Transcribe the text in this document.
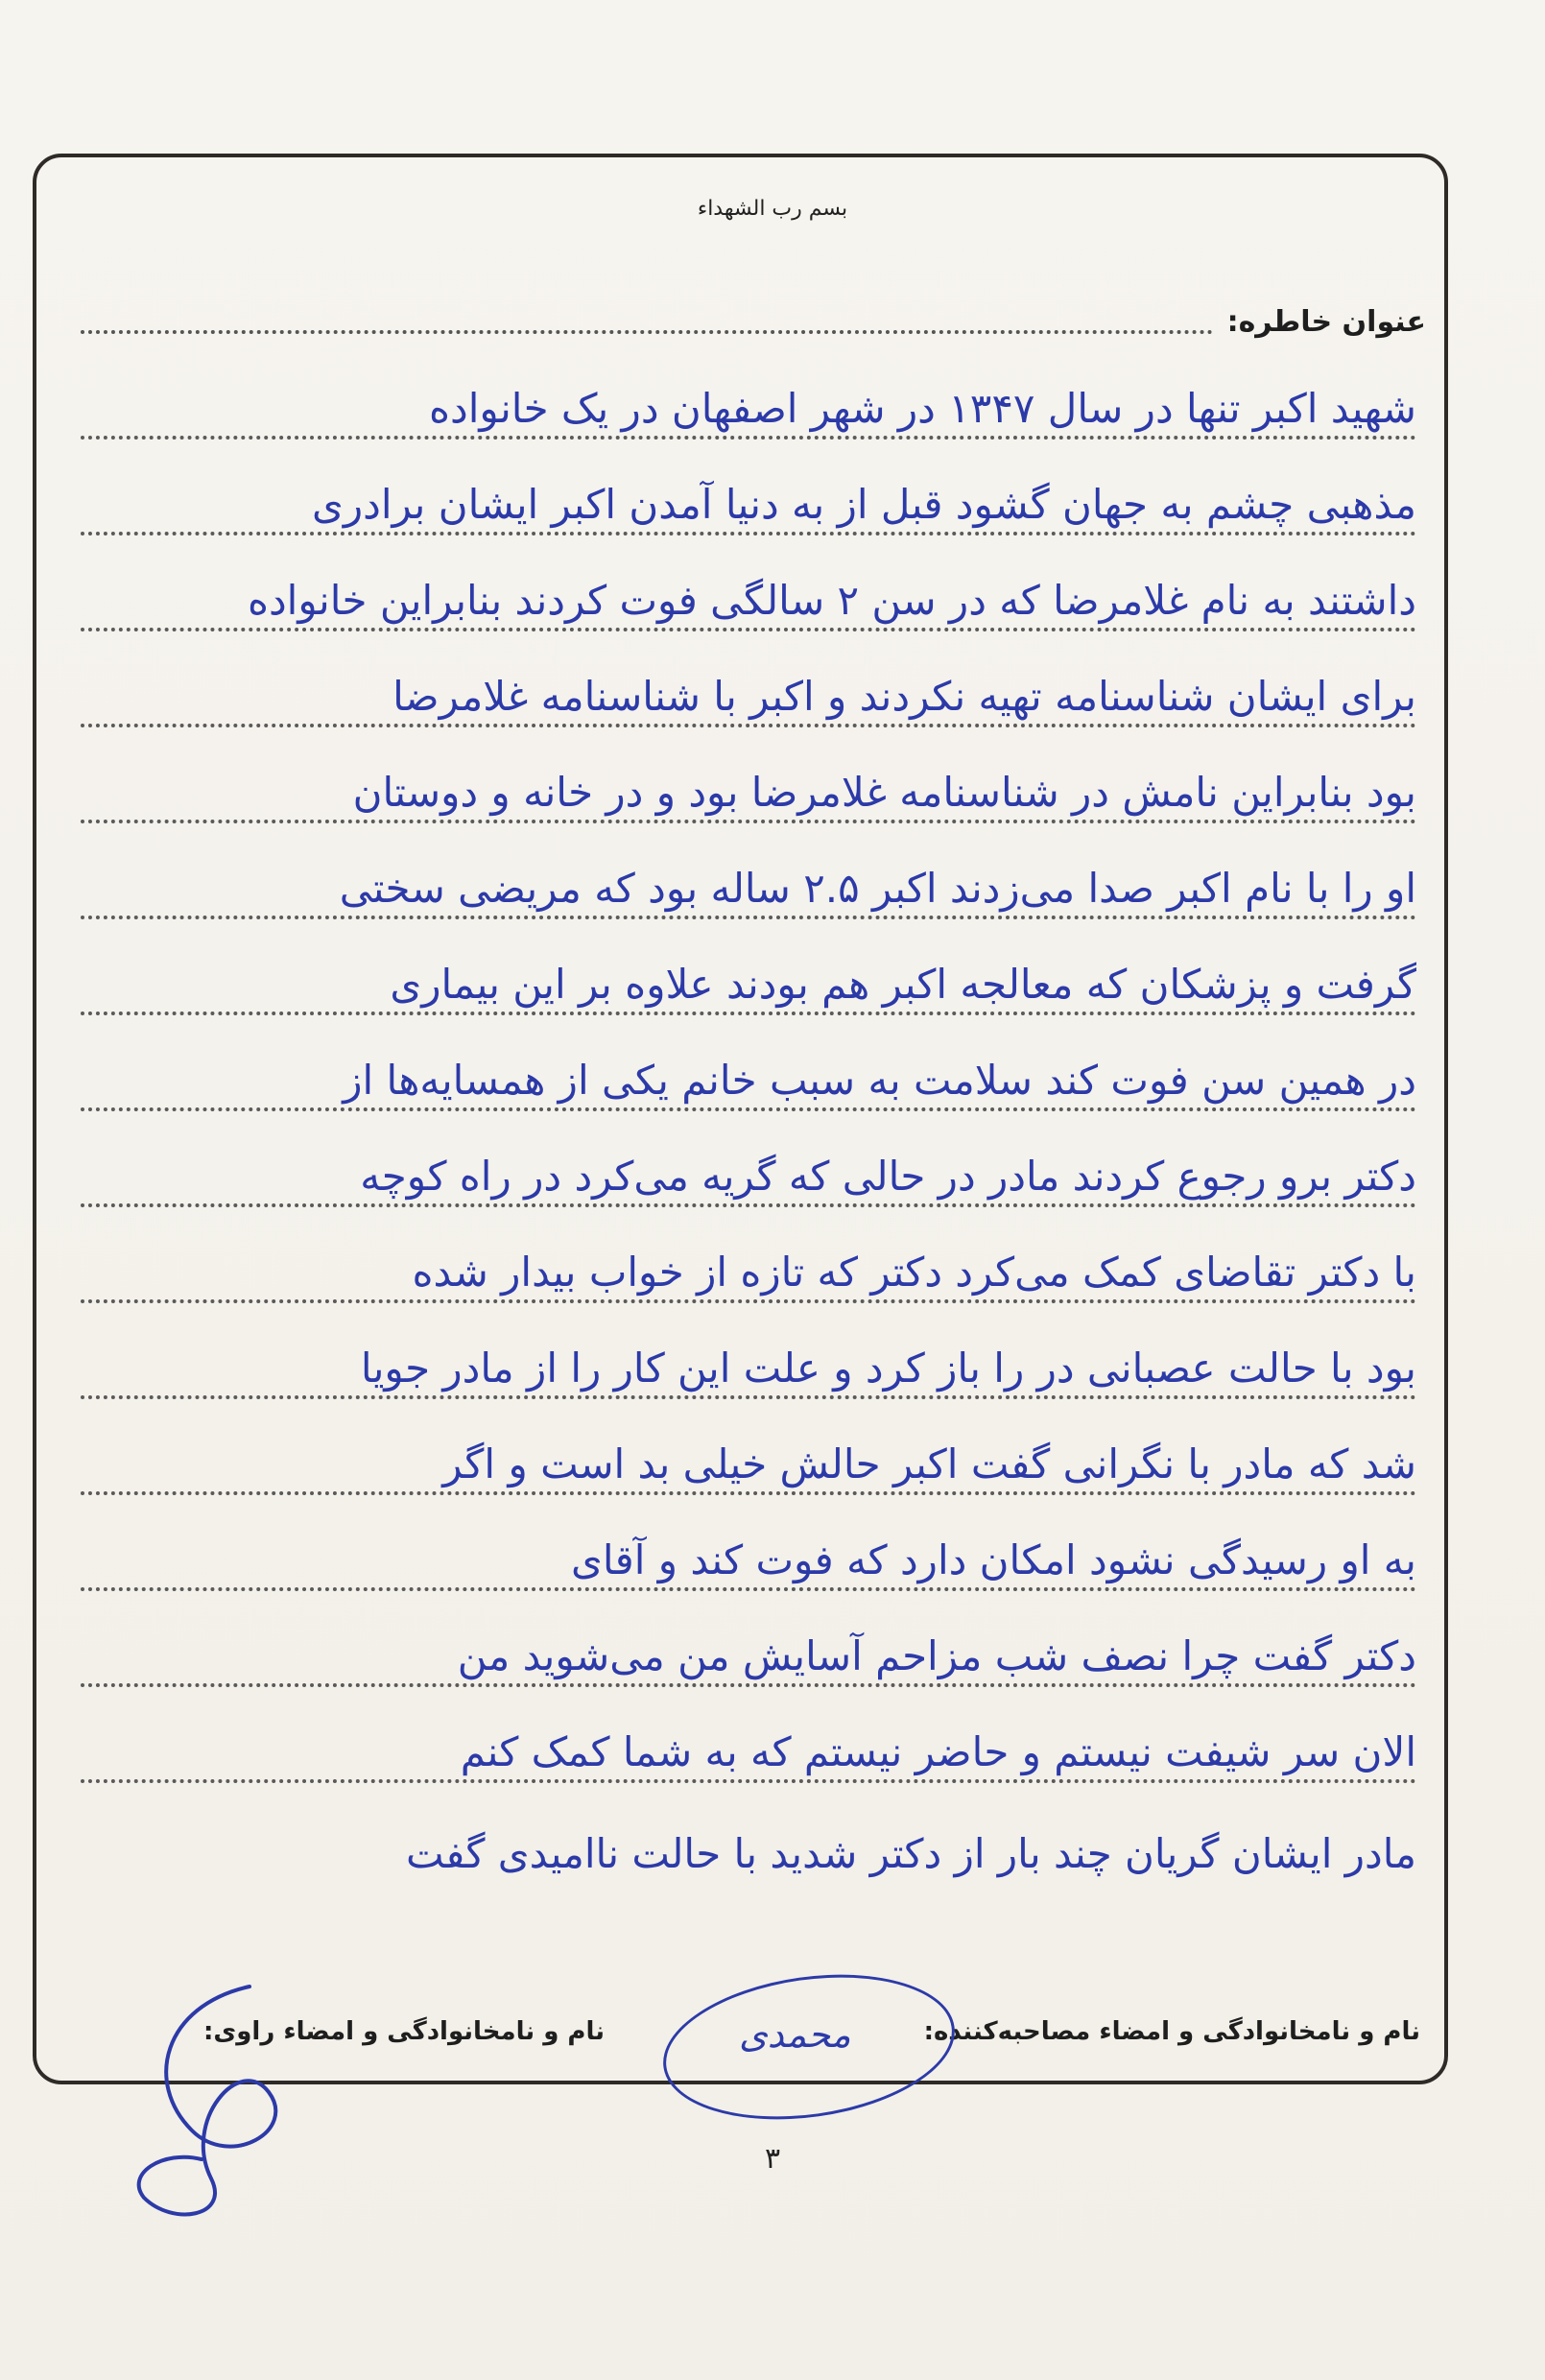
بسم رب الشهداء
عنوان خاطره:
شهید اکبر تنها در سال ۱۳۴۷ در شهر اصفهان در یک خانواده
مذهبی چشم به جهان گشود قبل از به دنیا آمدن اکبر ایشان برادری
داشتند به نام غلامرضا که در سن ۲ سالگی فوت کردند بنابراین خانواده
برای ایشان شناسنامه تهیه نکردند و اکبر با شناسنامه غلامرضا
بود بنابراین نامش در شناسنامه غلامرضا بود و در خانه و دوستان
او را با نام اکبر صدا می‌زدند اکبر ۲.۵ ساله بود که مریضی سختی
گرفت و پزشکان که معالجه اکبر هم بودند علاوه بر این بیماری
در همین سن فوت کند سلامت به سبب خانم یکی از همسایه‌ها از
دکتر برو رجوع کردند مادر در حالی که گریه می‌کرد در راه کوچه
با دکتر تقاضای کمک می‌کرد دکتر که تازه از خواب بیدار شده
بود با حالت عصبانی در را باز کرد و علت این کار را از مادر جویا
شد که مادر با نگرانی گفت اکبر حالش خیلی بد است و اگر
به او رسیدگی نشود امکان دارد که فوت کند و آقای
دکتر گفت چرا نصف شب مزاحم آسایش من می‌شوید من
الان سر شیفت نیستم و حاضر نیستم که به شما کمک کنم
مادر ایشان گریان چند بار از دکتر شدید با حالت ناامیدی گفت
نام و نامخانوادگی و امضاء مصاحبه‌کننده:
نام و نامخانوادگی و امضاء راوی:	محمدی
۳
